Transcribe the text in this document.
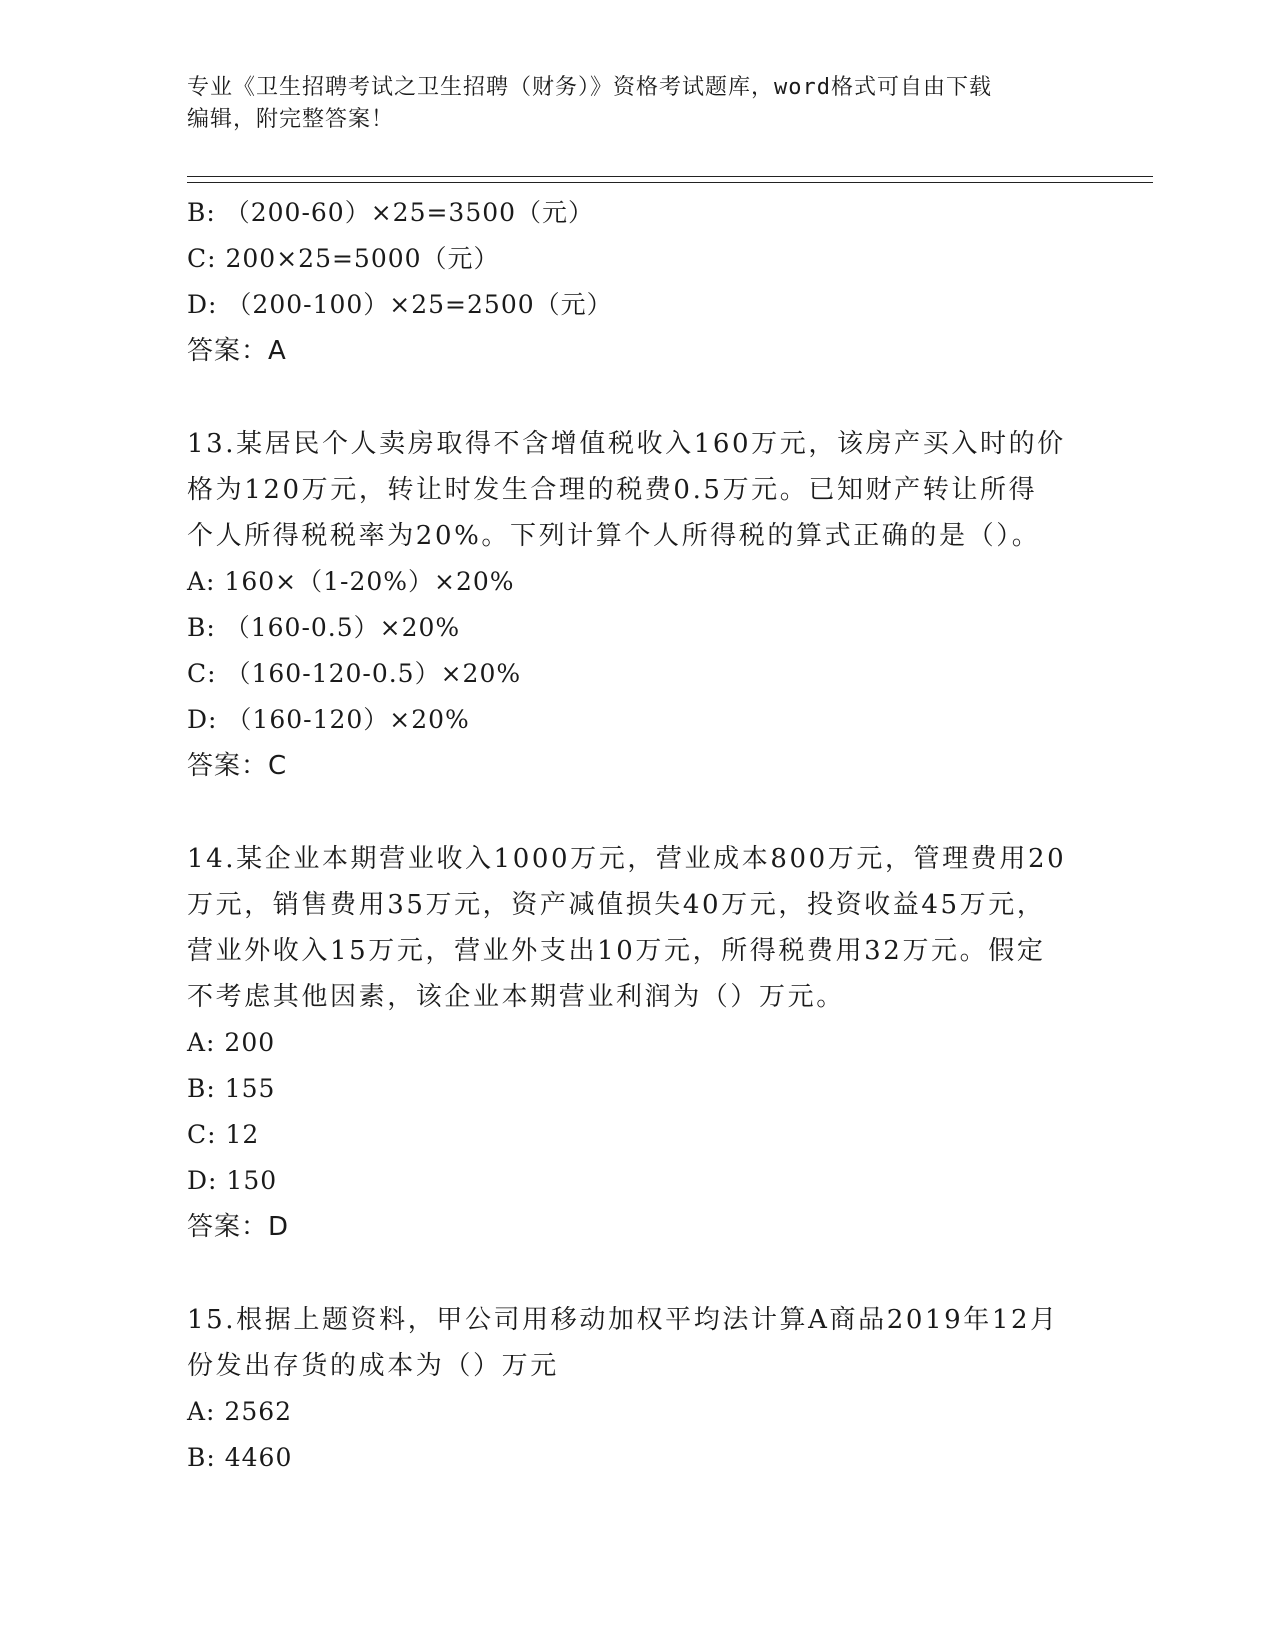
专业《卫生招聘考试之卫生招聘（财务）》资格考试题库，word格式可自由下载
编辑，附完整答案！
B: （200-60）×25=3500（元）
C: 200×25=5000（元）
D: （200-100）×25=2500（元）
答案：A
13.某居民个人卖房取得不含增值税收入160万元，该房产买入时的价
格为120万元，转让时发生合理的税费0.5万元。已知财产转让所得
个人所得税税率为20%。下列计算个人所得税的算式正确的是（）。
A: 160×（1-20%）×20%
B: （160-0.5）×20%
C: （160-120-0.5）×20%
D: （160-120）×20%
答案：C
14.某企业本期营业收入1000万元，营业成本800万元，管理费用20
万元，销售费用35万元，资产减值损失40万元，投资收益45万元，
营业外收入15万元，营业外支出10万元，所得税费用32万元。假定
不考虑其他因素，该企业本期营业利润为（）万元。
A: 200
B: 155
C: 12
D: 150
答案：D
15.根据上题资料，甲公司用移动加权平均法计算A商品2019年12月
份发出存货的成本为（）万元
A: 2562
B: 4460
